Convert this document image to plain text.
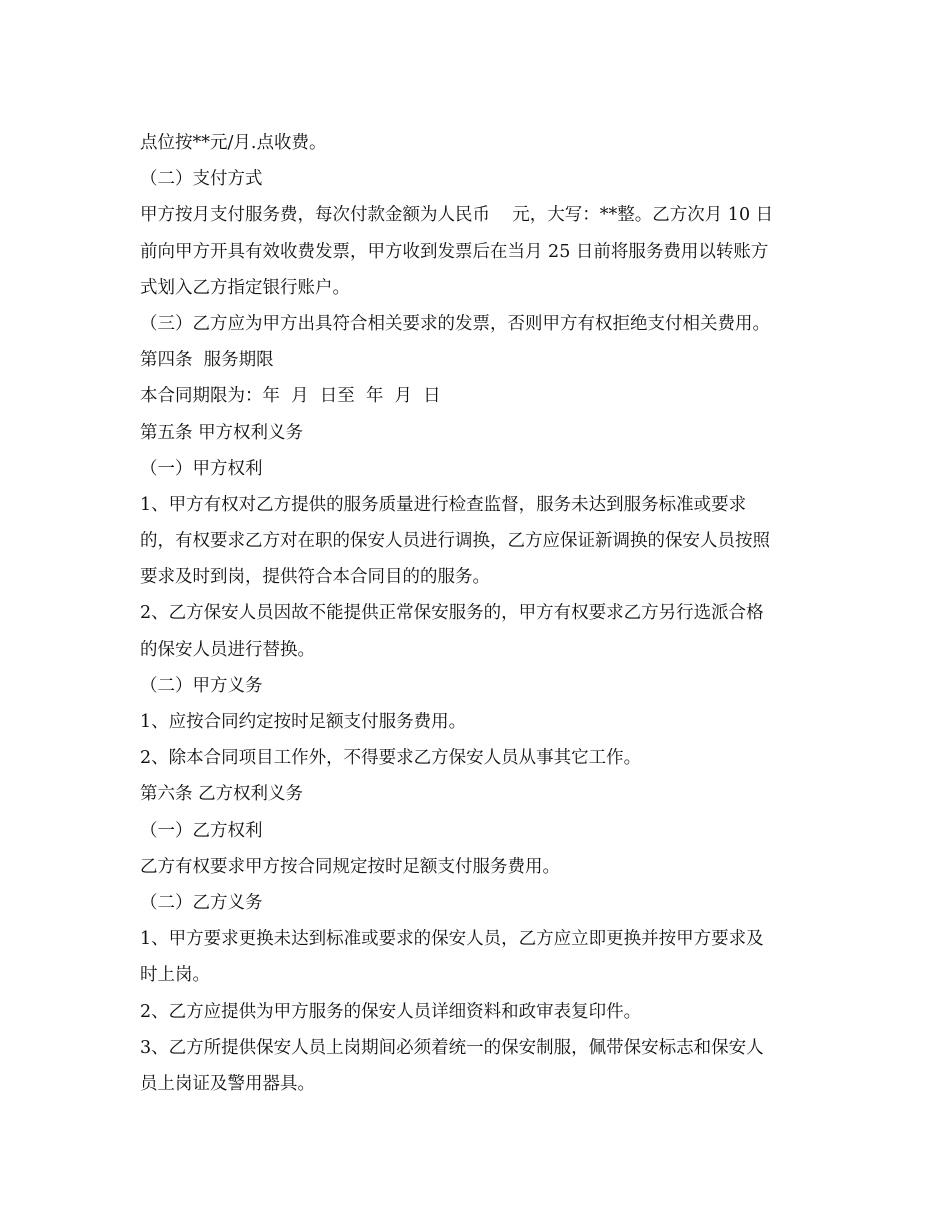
点位按**元/月.点收费。
（二）支付方式
甲方按月支付服务费，每次付款金额为人民币    元，大写：**整。乙方次月 10 日
前向甲方开具有效收费发票，甲方收到发票后在当月 25 日前将服务费用以转账方
式划入乙方指定银行账户。
（三）乙方应为甲方出具符合相关要求的发票，否则甲方有权拒绝支付相关费用。
第四条  服务期限
本合同期限为：年  月  日至  年  月  日
第五条 甲方权利义务
（一）甲方权利
1、甲方有权对乙方提供的服务质量进行检查监督，服务未达到服务标准或要求
的，有权要求乙方对在职的保安人员进行调换，乙方应保证新调换的保安人员按照
要求及时到岗，提供符合本合同目的的服务。
2、乙方保安人员因故不能提供正常保安服务的，甲方有权要求乙方另行选派合格
的保安人员进行替换。
（二）甲方义务
1、应按合同约定按时足额支付服务费用。
2、除本合同项目工作外，不得要求乙方保安人员从事其它工作。
第六条 乙方权利义务
（一）乙方权利
乙方有权要求甲方按合同规定按时足额支付服务费用。
（二）乙方义务
1、甲方要求更换未达到标准或要求的保安人员，乙方应立即更换并按甲方要求及
时上岗。
2、乙方应提供为甲方服务的保安人员详细资料和政审表复印件。
3、乙方所提供保安人员上岗期间必须着统一的保安制服，佩带保安标志和保安人
员上岗证及警用器具。
